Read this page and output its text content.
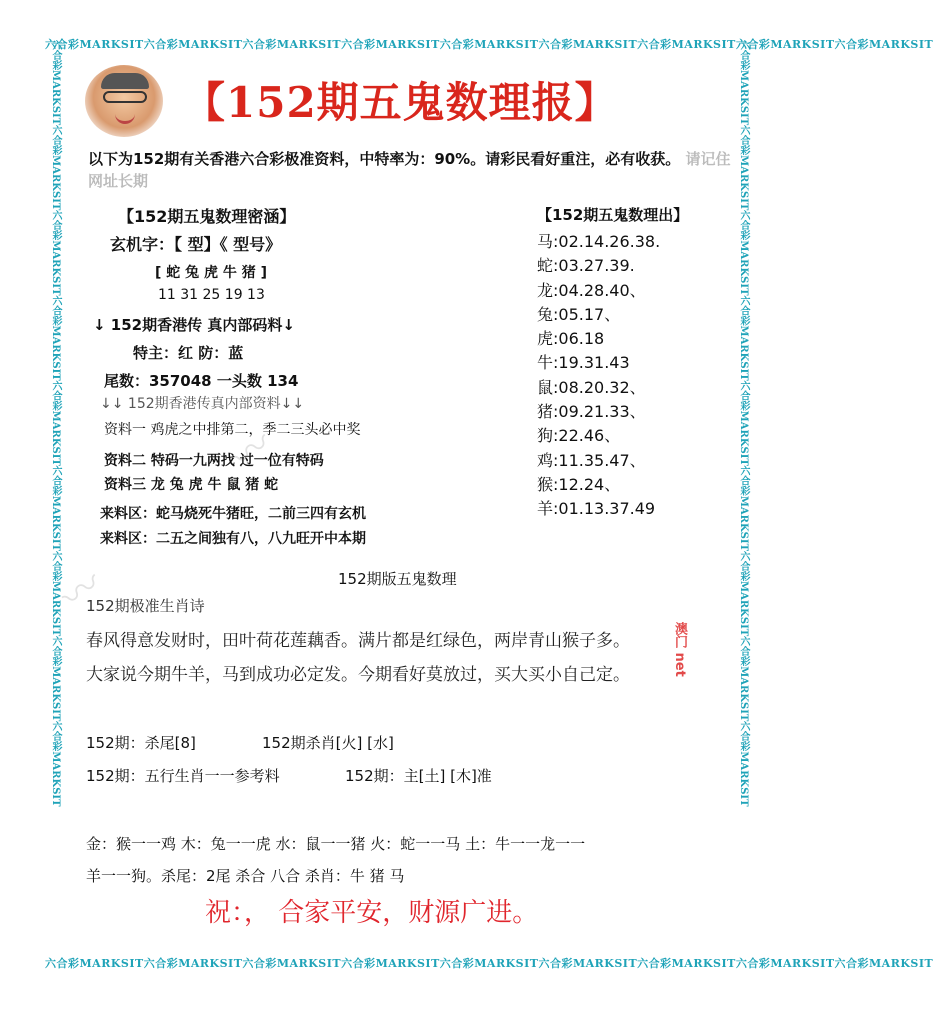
六合彩MARKSIT六合彩MARKSIT六合彩MARKSIT六合彩MARKSIT六合彩MARKSIT六合彩MARKSIT六合彩MARKSIT六合彩MARKSIT六合彩MARKSIT
六合彩MARKSIT六合彩MARKSIT六合彩MARKSIT六合彩MARKSIT六合彩MARKSIT六合彩MARKSIT六合彩MARKSIT六合彩MARKSIT六合彩MARKSIT
六合彩MARKSIT六合彩MARKSIT六合彩MARKSIT六合彩MARKSIT六合彩MARKSIT六合彩MARKSIT六合彩MARKSIT六合彩MARKSIT六合彩MARKSIT	六合彩MARKSIT六合彩MARKSIT六合彩MARKSIT六合彩MARKSIT六合彩MARKSIT六合彩MARKSIT六合彩MARKSIT六合彩MARKSIT六合彩MARKSIT
〰
〰
【152期五鬼数理报】
以下为152期有关香港六合彩极准资料，中特率为：90%。请彩民看好重注，必有收获。 请记住网址长期
【152期五鬼数理密涵】
玄机字：【 型】《 型号》
[ 蛇 兔 虎 牛 猪 ]
11 31 25 19 13
↓ 152期香港传 真内部码料↓
特主：红 防：蓝
尾数：357048 一头数 134
↓↓ 152期香港传真内部资料↓↓
资料一 鸡虎之中排第二，季二三头必中奖
资料二 特码一九两找 过一位有特码
资料三 龙 兔 虎 牛 鼠 猪 蛇
来料区：蛇马烧死牛猪旺，二前三四有玄机
来料区：二五之间独有八，八九旺开中本期
【152期五鬼数理出】
马:02.14.26.38.
蛇:03.27.39.
龙:04.28.40、
兔:05.17、
虎:06.18
牛:19.31.43
鼠:08.20.32、
猪:09.21.33、
狗:22.46、
鸡:11.35.47、
猴:12.24、
羊:01.13.37.49
152期版五鬼数理
152期极准生肖诗
春风得意发财时，田叶荷花莲藕香。满片都是红绿色，两岸青山猴子多。
大家说今期牛羊，马到成功必定发。今期看好莫放过，买大买小自己定。	澳门 net
152期：杀尾[8]	152期杀肖[火] [水]
152期：五行生肖一一参考料	152期：主[土] [木]准
金：猴一一鸡 木：兔一一虎 水：鼠一一猪 火：蛇一一马 土：牛一一龙一一
羊一一狗。杀尾：2尾 杀合 八合 杀肖：牛 猪 马
祝：， 合家平安，财源广进。
